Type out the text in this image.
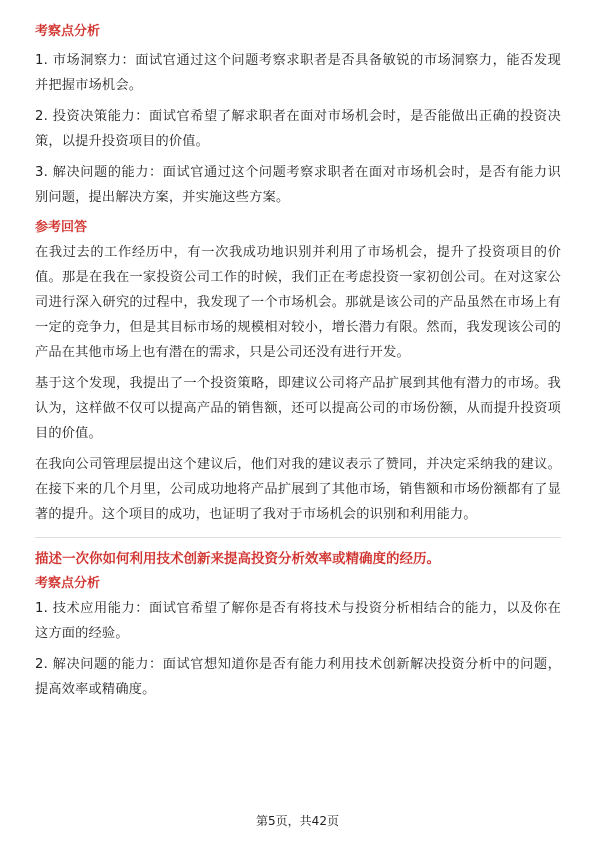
考察点分析

1. 市场洞察力：面试官通过这个问题考察求职者是否具备敏锐的市场洞察力，能否发现并把握市场机会。

2. 投资决策能力：面试官希望了解求职者在面对市场机会时，是否能做出正确的投资决策，以提升投资项目的价值。

3. 解决问题的能力：面试官通过这个问题考察求职者在面对市场机会时，是否有能力识别问题，提出解决方案，并实施这些方案。

参考回答

在我过去的工作经历中，有一次我成功地识别并利用了市场机会，提升了投资项目的价值。那是在我在一家投资公司工作的时候，我们正在考虑投资一家初创公司。在对这家公司进行深入研究的过程中，我发现了一个市场机会。那就是该公司的产品虽然在市场上有一定的竞争力，但是其目标市场的规模相对较小，增长潜力有限。然而，我发现该公司的产品在其他市场上也有潜在的需求，只是公司还没有进行开发。

基于这个发现，我提出了一个投资策略，即建议公司将产品扩展到其他有潜力的市场。我认为，这样做不仅可以提高产品的销售额，还可以提高公司的市场份额，从而提升投资项目的价值。

在我向公司管理层提出这个建议后，他们对我的建议表示了赞同，并决定采纳我的建议。在接下来的几个月里，公司成功地将产品扩展到了其他市场，销售额和市场份额都有了显著的提升。这个项目的成功，也证明了我对于市场机会的识别和利用能力。

描述一次你如何利用技术创新来提高投资分析效率或精确度的经历。
考察点分析

1. 技术应用能力：面试官希望了解你是否有将技术与投资分析相结合的能力，以及你在这方面的经验。

2. 解决问题的能力：面试官想知道你是否有能力利用技术创新解决投资分析中的问题，提高效率或精确度。

第5页，共42页
